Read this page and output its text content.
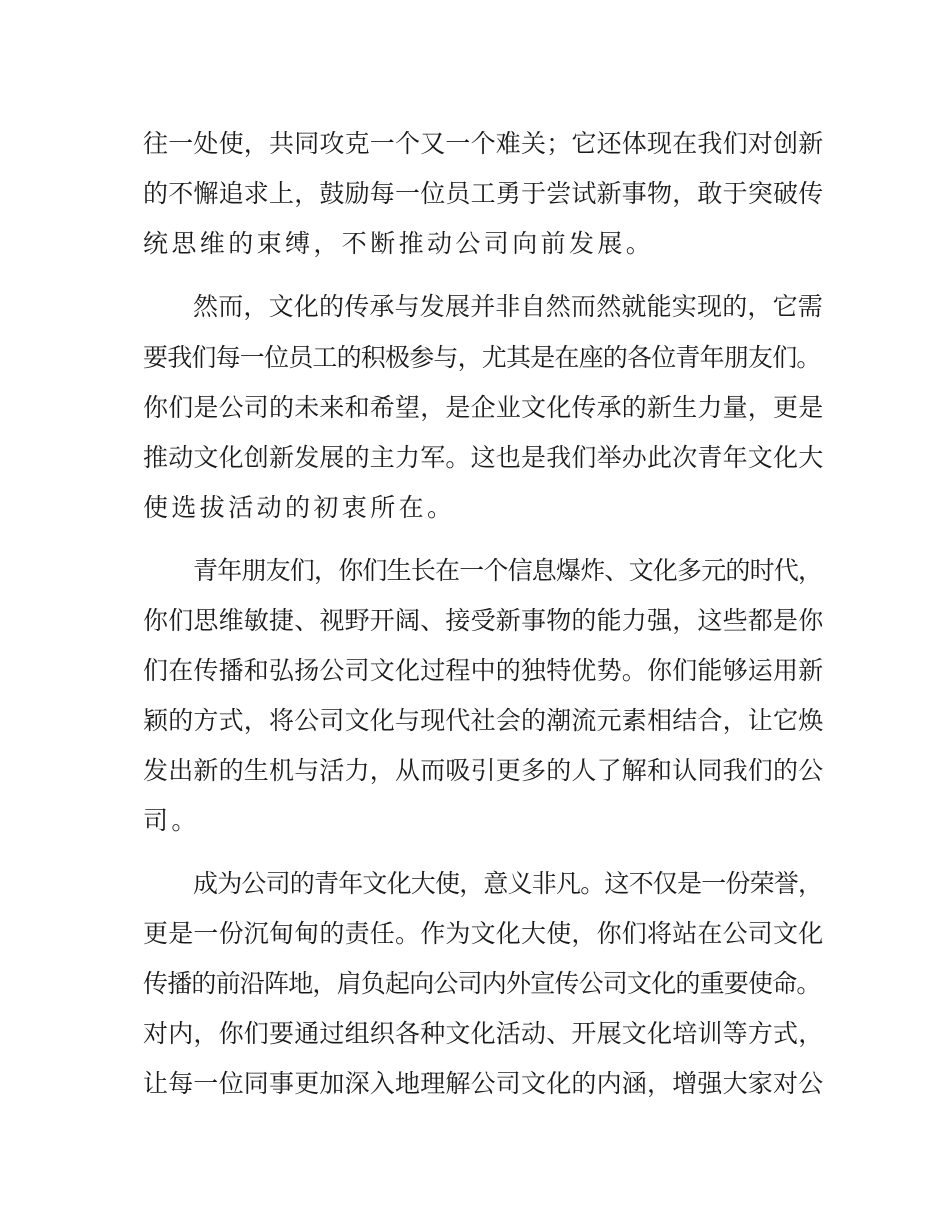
往一处使，共同攻克一个又一个难关；它还体现在我们对创新
的不懈追求上，鼓励每一位员工勇于尝试新事物，敢于突破传
统思维的束缚，不断推动公司向前发展。
然而，文化的传承与发展并非自然而然就能实现的，它需
要我们每一位员工的积极参与，尤其是在座的各位青年朋友们。
你们是公司的未来和希望，是企业文化传承的新生力量，更是
推动文化创新发展的主力军。这也是我们举办此次青年文化大
使选拔活动的初衷所在。
青年朋友们，你们生长在一个信息爆炸、文化多元的时代，
你们思维敏捷、视野开阔、接受新事物的能力强，这些都是你
们在传播和弘扬公司文化过程中的独特优势。你们能够运用新
颖的方式，将公司文化与现代社会的潮流元素相结合，让它焕
发出新的生机与活力，从而吸引更多的人了解和认同我们的公
司。
成为公司的青年文化大使，意义非凡。这不仅是一份荣誉，
更是一份沉甸甸的责任。作为文化大使，你们将站在公司文化
传播的前沿阵地，肩负起向公司内外宣传公司文化的重要使命。
对内，你们要通过组织各种文化活动、开展文化培训等方式，
让每一位同事更加深入地理解公司文化的内涵，增强大家对公
